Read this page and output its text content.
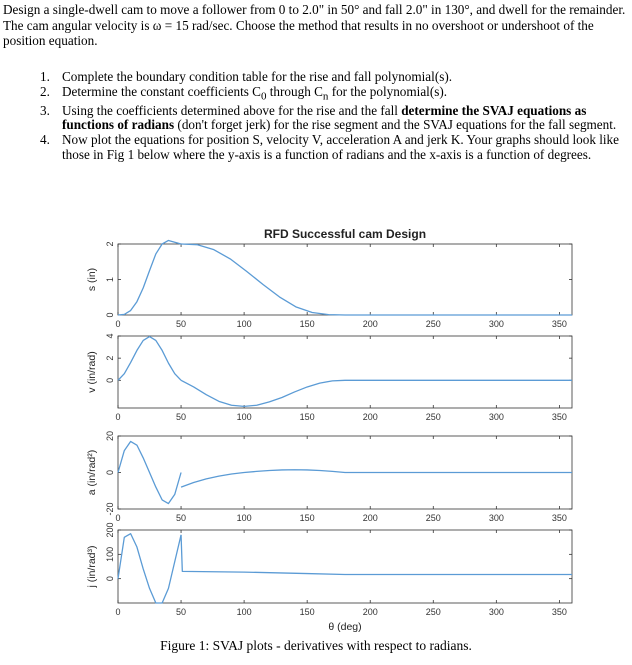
Design a single-dwell cam to move a follower from 0 to 2.0" in 50° and fall 2.0" in 130°, and dwell for the remainder. The cam angular velocity is ω = 15 rad/sec. Choose the method that results in no overshoot or undershoot of the position equation.
1. Complete the boundary condition table for the rise and fall polynomial(s).
2. Determine the constant coefficients $C_0$ through $C_n$ for the polynomial(s).
3. Using the coefficients determined above for the rise and the fall determine the SVAJ equations as functions of radians (don't forget jerk) for the rise segment and the SVAJ equations for the fall segment.
4. Now plot the equations for position S, velocity V, acceleration A and jerk K. Your graphs should look like those in Fig 1 below where the y-axis is a function of radians and the x-axis is a function of degrees.
RFD Successful cam Design
0	50	100	150	200	250	300	350
0
1
2
s (in)
0	50	100	150	200	250	300	350
0
2
4
v (in/rad)
0	50	100	150	200	250	300	350
-20
0
20
a (in/rad²)
0	50	100	150	200	250	300	350
0
100
200
j (in/rad³)
θ (deg)
Figure 1: SVAJ plots - derivatives with respect to radians.
